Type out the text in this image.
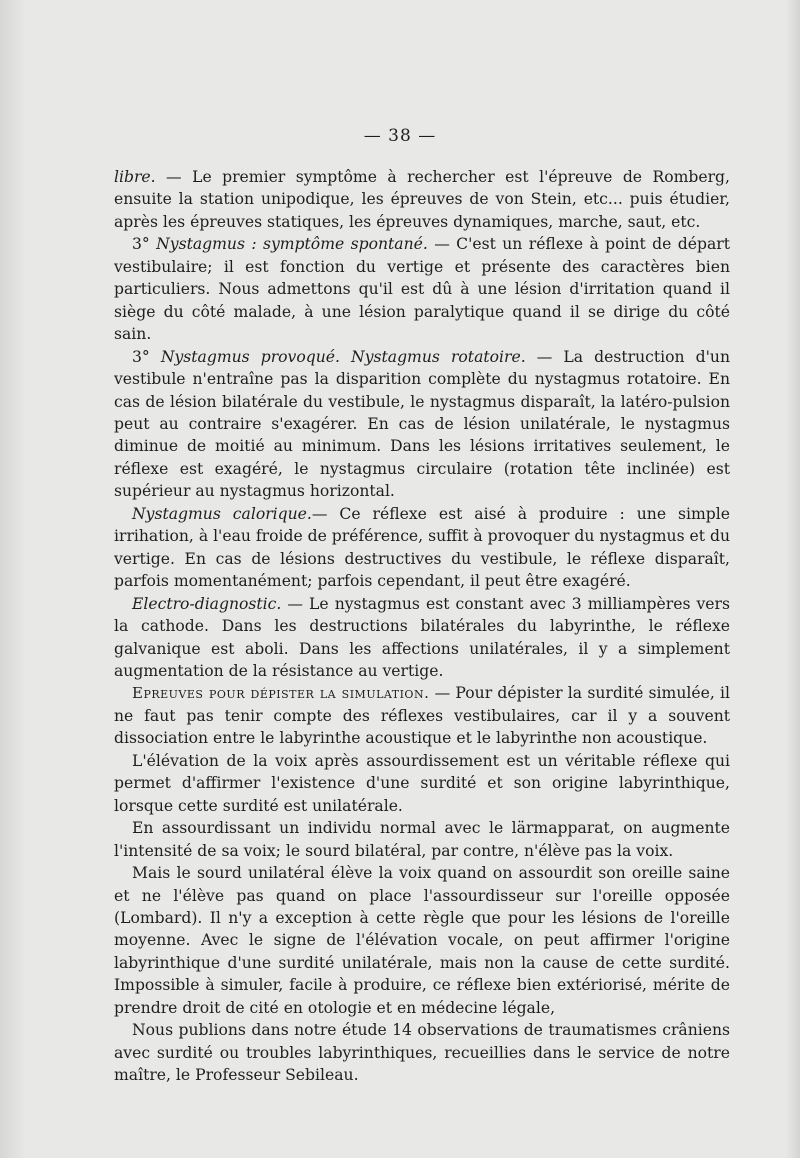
— 38 —

libre. — Le premier symptôme à rechercher est l'épreuve de Romberg, ensuite la station unipodique, les épreuves de von Stein, etc... puis étudier, après les épreuves statiques, les épreuves dynamiques, marche, saut, etc.

3° Nystagmus : symptôme spontané. — C'est un réflexe à point de départ vestibulaire; il est fonction du vertige et présente des caractères bien particuliers. Nous admettons qu'il est dû à une lésion d'irritation quand il siège du côté malade, à une lésion paralytique quand il se dirige du côté sain.

3° Nystagmus provoqué. Nystagmus rotatoire. — La destruction d'un vestibule n'entraîne pas la disparition complète du nystagmus rotatoire. En cas de lésion bilatérale du vestibule, le nystagmus disparaît, la latéro-pulsion peut au contraire s'exagérer. En cas de lésion unilatérale, le nystagmus diminue de moitié au minimum. Dans les lésions irritatives seulement, le réflexe est exagéré, le nystagmus circulaire (rotation tête inclinée) est supérieur au nystagmus horizontal.

Nystagmus calorique.— Ce réflexe est aisé à produire : une simple irrihation, à l'eau froide de préférence, suffit à provoquer du nystagmus et du vertige. En cas de lésions destructives du vestibule, le réflexe disparaît, parfois momentanément; parfois cependant, il peut être exagéré.

Electro-diagnostic. — Le nystagmus est constant avec 3 milliampères vers la cathode. Dans les destructions bilatérales du labyrinthe, le réflexe galvanique est aboli. Dans les affections unilatérales, il y a simplement augmentation de la résistance au vertige.

Epreuves pour dépister la simulation. — Pour dépister la surdité simulée, il ne faut pas tenir compte des réflexes vestibulaires, car il y a souvent dissociation entre le labyrinthe acoustique et le labyrinthe non acoustique.

L'élévation de la voix après assourdissement est un véritable réflexe qui permet d'affirmer l'existence d'une surdité et son origine labyrinthique, lorsque cette surdité est unilatérale.

En assourdissant un individu normal avec le lärmapparat, on augmente l'intensité de sa voix; le sourd bilatéral, par contre, n'élève pas la voix.

Mais le sourd unilatéral élève la voix quand on assourdit son oreille saine et ne l'élève pas quand on place l'assourdisseur sur l'oreille opposée (Lombard). Il n'y a exception à cette règle que pour les lésions de l'oreille moyenne. Avec le signe de l'élévation vocale, on peut affirmer l'origine labyrinthique d'une surdité unilatérale, mais non la cause de cette surdité. Impossible à simuler, facile à produire, ce réflexe bien extériorisé, mérite de prendre droit de cité en otologie et en médecine légale,

Nous publions dans notre étude 14 observations de traumatismes crâniens avec surdité ou troubles labyrinthiques, recueillies dans le service de notre maître, le Professeur Sebileau.
